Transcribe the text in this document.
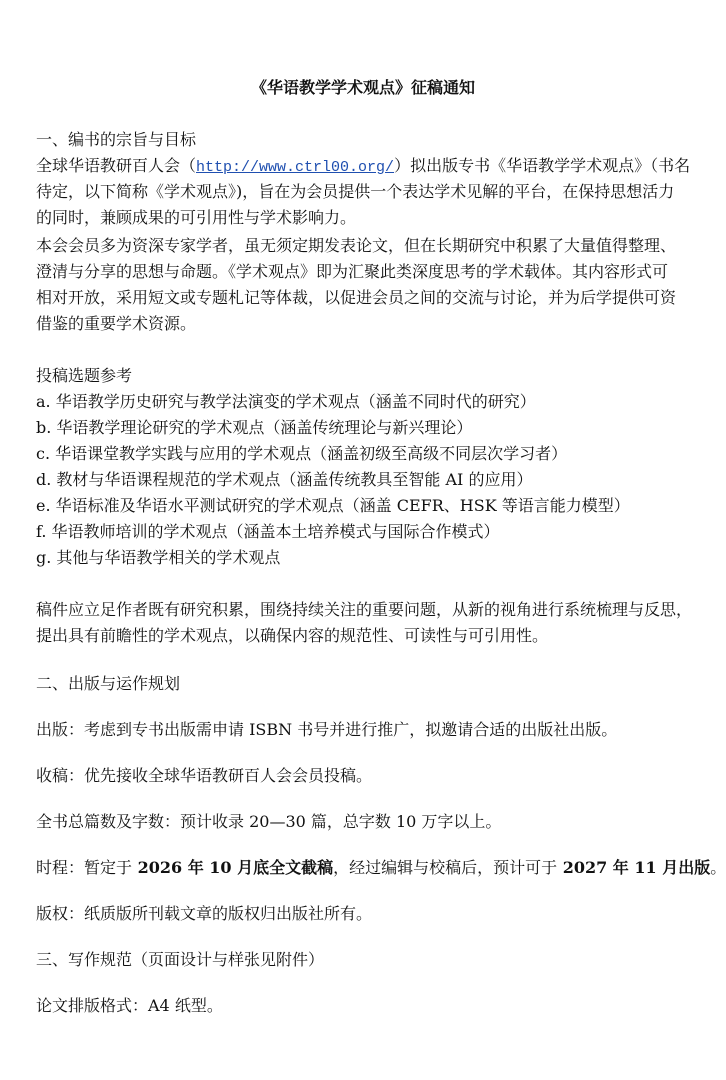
《华语教学学术观点》征稿通知
一、编书的宗旨与目标
全球华语教研百人会（http://www.ctrl00.org/）拟出版专书《华语教学学术观点》（书名
待定，以下简称《学术观点》)，旨在为会员提供一个表达学术见解的平台，在保持思想活力
的同时，兼顾成果的可引用性与学术影响力。
本会会员多为资深专家学者，虽无须定期发表论文，但在长期研究中积累了大量值得整理、
澄清与分享的思想与命题。《学术观点》即为汇聚此类深度思考的学术载体。其内容形式可
相对开放，采用短文或专题札记等体裁，以促进会员之间的交流与讨论，并为后学提供可资
借鉴的重要学术资源。
投稿选题参考
a. 华语教学历史研究与教学法演变的学术观点（涵盖不同时代的研究）
b. 华语教学理论研究的学术观点（涵盖传统理论与新兴理论）
c. 华语课堂教学实践与应用的学术观点（涵盖初级至高级不同层次学习者）
d. 教材与华语课程规范的学术观点（涵盖传统教具至智能 AI 的应用）
e. 华语标准及华语水平测试研究的学术观点（涵盖 CEFR、HSK 等语言能力模型）
f. 华语教师培训的学术观点（涵盖本土培养模式与国际合作模式）
g. 其他与华语教学相关的学术观点
稿件应立足作者既有研究积累，围绕持续关注的重要问题，从新的视角进行系统梳理与反思，
提出具有前瞻性的学术观点，以确保内容的规范性、可读性与可引用性。
二、出版与运作规划
出版：考虑到专书出版需申请 ISBN 书号并进行推广，拟邀请合适的出版社出版。
收稿：优先接收全球华语教研百人会会员投稿。
全书总篇数及字数：预计收录 20—30 篇，总字数 10 万字以上。
时程：暂定于 2026 年 10 月底全文截稿，经过编辑与校稿后，预计可于 2027 年 11 月出版。
版权：纸质版所刊载文章的版权归出版社所有。
三、写作规范（页面设计与样张见附件）
论文排版格式：A4 纸型。
